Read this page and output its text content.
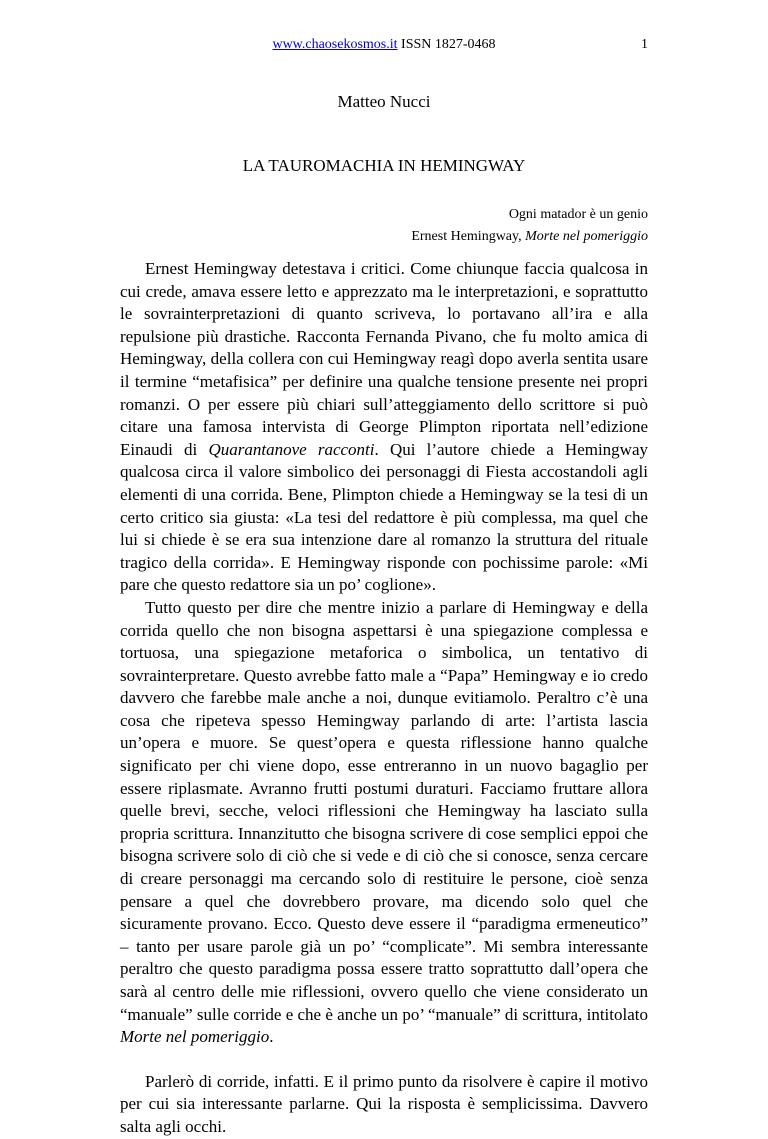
www.chaosekosmos.it ISSN 1827-0468	1
Matteo Nucci
LA TAUROMACHIA IN HEMINGWAY
Ogni matador è un genio
Ernest Hemingway, Morte nel pomeriggio

Ernest Hemingway detestava i critici. Come chiunque faccia qualcosa in cui crede, amava essere letto e apprezzato ma le interpretazioni, e soprattutto le sovrainterpretazioni di quanto scriveva, lo portavano all’ira e alla repulsione più drastiche. Racconta Fernanda Pivano, che fu molto amica di Hemingway, della collera con cui Hemingway reagì dopo averla sentita usare il termine “metafisica” per definire una qualche tensione presente nei propri romanzi. O per essere più chiari sull’atteggiamento dello scrittore si può citare una famosa intervista di George Plimpton riportata nell’edizione Einaudi di Quarantanove racconti. Qui l’autore chiede a Hemingway qualcosa circa il valore simbolico dei personaggi di Fiesta accostandoli agli elementi di una corrida. Bene, Plimpton chiede a Hemingway se la tesi di un certo critico sia giusta: «La tesi del redattore è più complessa, ma quel che lui si chiede è se era sua intenzione dare al romanzo la struttura del rituale tragico della corrida». E Hemingway risponde con pochissime parole: «Mi pare che questo redattore sia un po’ coglione».

Tutto questo per dire che mentre inizio a parlare di Hemingway e della corrida quello che non bisogna aspettarsi è una spiegazione complessa e tortuosa, una spiegazione metaforica o simbolica, un tentativo di sovrainterpretare. Questo avrebbe fatto male a “Papa” Hemingway e io credo davvero che farebbe male anche a noi, dunque evitiamolo. Peraltro c’è una cosa che ripeteva spesso Hemingway parlando di arte: l’artista lascia un’opera e muore. Se quest’opera e questa riflessione hanno qualche significato per chi viene dopo, esse entreranno in un nuovo bagaglio per essere riplasmate. Avranno frutti postumi duraturi. Facciamo fruttare allora quelle brevi, secche, veloci riflessioni che Hemingway ha lasciato sulla propria scrittura. Innanzitutto che bisogna scrivere di cose semplici eppoi che bisogna scrivere solo di ciò che si vede e di ciò che si conosce, senza cercare di creare personaggi ma cercando solo di restituire le persone, cioè senza pensare a quel che dovrebbero provare, ma dicendo solo quel che sicuramente provano. Ecco. Questo deve essere il “paradigma ermeneutico” – tanto per usare parole già un po’ “complicate”. Mi sembra interessante peraltro che questo paradigma possa essere tratto soprattutto dall’opera che sarà al centro delle mie riflessioni, ovvero quello che viene considerato un “manuale” sulle corride e che è anche un po’ “manuale” di scrittura, intitolato Morte nel pomeriggio.

Parlerò di corride, infatti. E il primo punto da risolvere è capire il motivo per cui sia interessante parlarne. Qui la risposta è semplicissima. Davvero salta agli occhi.
